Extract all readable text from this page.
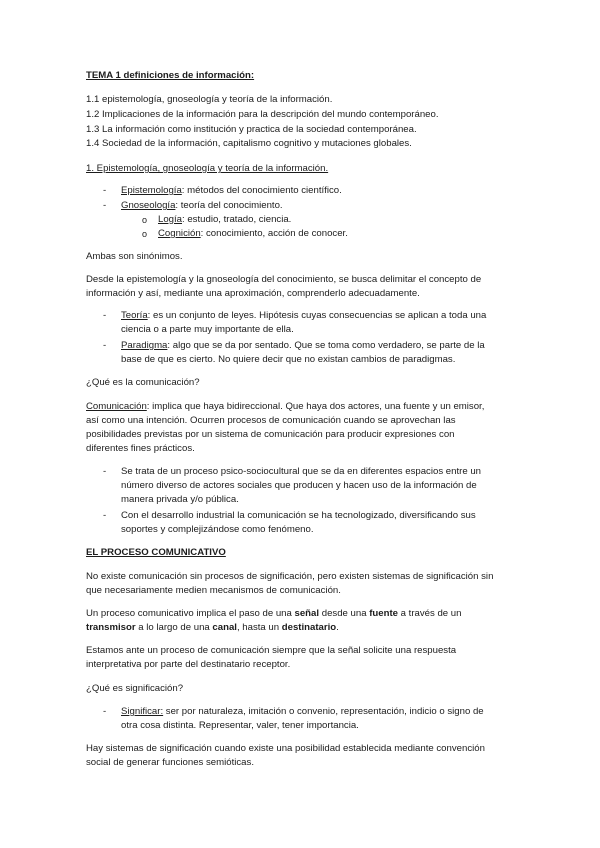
TEMA 1 definiciones de información:
1.1 epistemología, gnoseología y teoría de la información.
1.2 Implicaciones de la información para la descripción del mundo contemporáneo.
1.3 La información como institución y practica de la sociedad contemporánea.
1.4 Sociedad de la información, capitalismo cognitivo y mutaciones globales.
1. Epistemología, gnoseología y teoría de la información.
- Epistemología: métodos del conocimiento científico.
- Gnoseología: teoría del conocimiento.
o Logía: estudio, tratado, ciencia.
o Cognición: conocimiento, acción de conocer.
Ambas son sinónimos.
Desde la epistemología y la gnoseología del conocimiento, se busca delimitar el concepto de
información y así, mediante una aproximación, comprenderlo adecuadamente.
- Teoría: es un conjunto de leyes. Hipótesis cuyas consecuencias se aplican a toda una
ciencia o a parte muy importante de ella.
- Paradigma: algo que se da por sentado. Que se toma como verdadero, se parte de la
base de que es cierto. No quiere decir que no existan cambios de paradigmas.
¿Qué es la comunicación?
Comunicación: implica que haya bidireccional. Que haya dos actores, una fuente y un emisor,
así como una intención. Ocurren procesos de comunicación cuando se aprovechan las
posibilidades previstas por un sistema de comunicación para producir expresiones con
diferentes fines prácticos.
- Se trata de un proceso psico-sociocultural que se da en diferentes espacios entre un
número diverso de actores sociales que producen y hacen uso de la información de
manera privada y/o pública.
- Con el desarrollo industrial la comunicación se ha tecnologizado, diversificando sus
soportes y complejizándose como fenómeno.
EL PROCESO COMUNICATIVO
No existe comunicación sin procesos de significación, pero existen sistemas de significación sin
que necesariamente medien mecanismos de comunicación.
Un proceso comunicativo implica el paso de una señal desde una fuente a través de un
transmisor a lo largo de una canal, hasta un destinatario.
Estamos ante un proceso de comunicación siempre que la señal solicite una respuesta
interpretativa por parte del destinatario receptor.
¿Qué es significación?
- Significar: ser por naturaleza, imitación o convenio, representación, indicio o signo de
otra cosa distinta. Representar, valer, tener importancia.
Hay sistemas de significación cuando existe una posibilidad establecida mediante convención
social de generar funciones semióticas.
